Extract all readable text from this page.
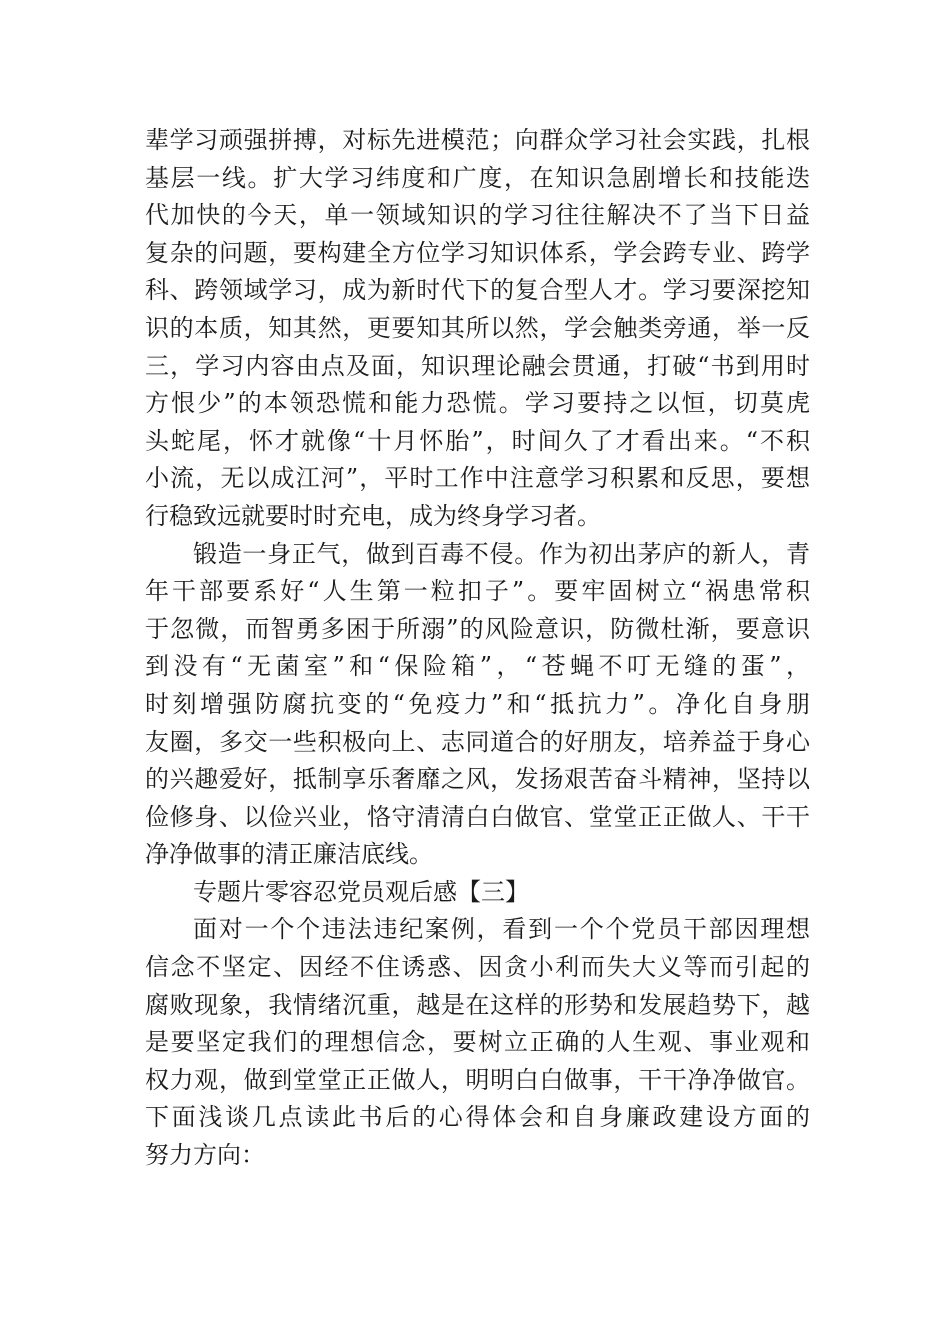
辈学习顽强拼搏，对标先进模范；向群众学习社会实践，扎根
基层一线。扩大学习纬度和广度，在知识急剧增长和技能迭
代加快的今天，单一领域知识的学习往往解决不了当下日益
复杂的问题，要构建全方位学习知识体系，学会跨专业、跨学
科、跨领域学习，成为新时代下的复合型人才。学习要深挖知
识的本质，知其然，更要知其所以然，学会触类旁通，举一反
三，学习内容由点及面，知识理论融会贯通，打破“书到用时
方恨少”的本领恐慌和能力恐慌。学习要持之以恒，切莫虎
头蛇尾，怀才就像“十月怀胎”，时间久了才看出来。“不积
小流，无以成江河”，平时工作中注意学习积累和反思，要想
行稳致远就要时时充电，成为终身学习者。
锻造一身正气，做到百毒不侵。作为初出茅庐的新人，青
年干部要系好“人生第一粒扣子”。要牢固树立“祸患常积
于忽微，而智勇多困于所溺”的风险意识，防微杜渐，要意识
到没有“无菌室”和“保险箱”，“苍蝇不叮无缝的蛋”，
时刻增强防腐抗变的“免疫力”和“抵抗力”。净化自身朋
友圈，多交一些积极向上、志同道合的好朋友，培养益于身心
的兴趣爱好，抵制享乐奢靡之风，发扬艰苦奋斗精神，坚持以
俭修身、以俭兴业，恪守清清白白做官、堂堂正正做人、干干
净净做事的清正廉洁底线。
专题片零容忍党员观后感【三】
面对一个个违法违纪案例，看到一个个党员干部因理想
信念不坚定、因经不住诱惑、因贪小利而失大义等而引起的
腐败现象，我情绪沉重，越是在这样的形势和发展趋势下，越
是要坚定我们的理想信念，要树立正确的人生观、事业观和
权力观，做到堂堂正正做人，明明白白做事，干干净净做官。
下面浅谈几点读此书后的心得体会和自身廉政建设方面的
努力方向：
